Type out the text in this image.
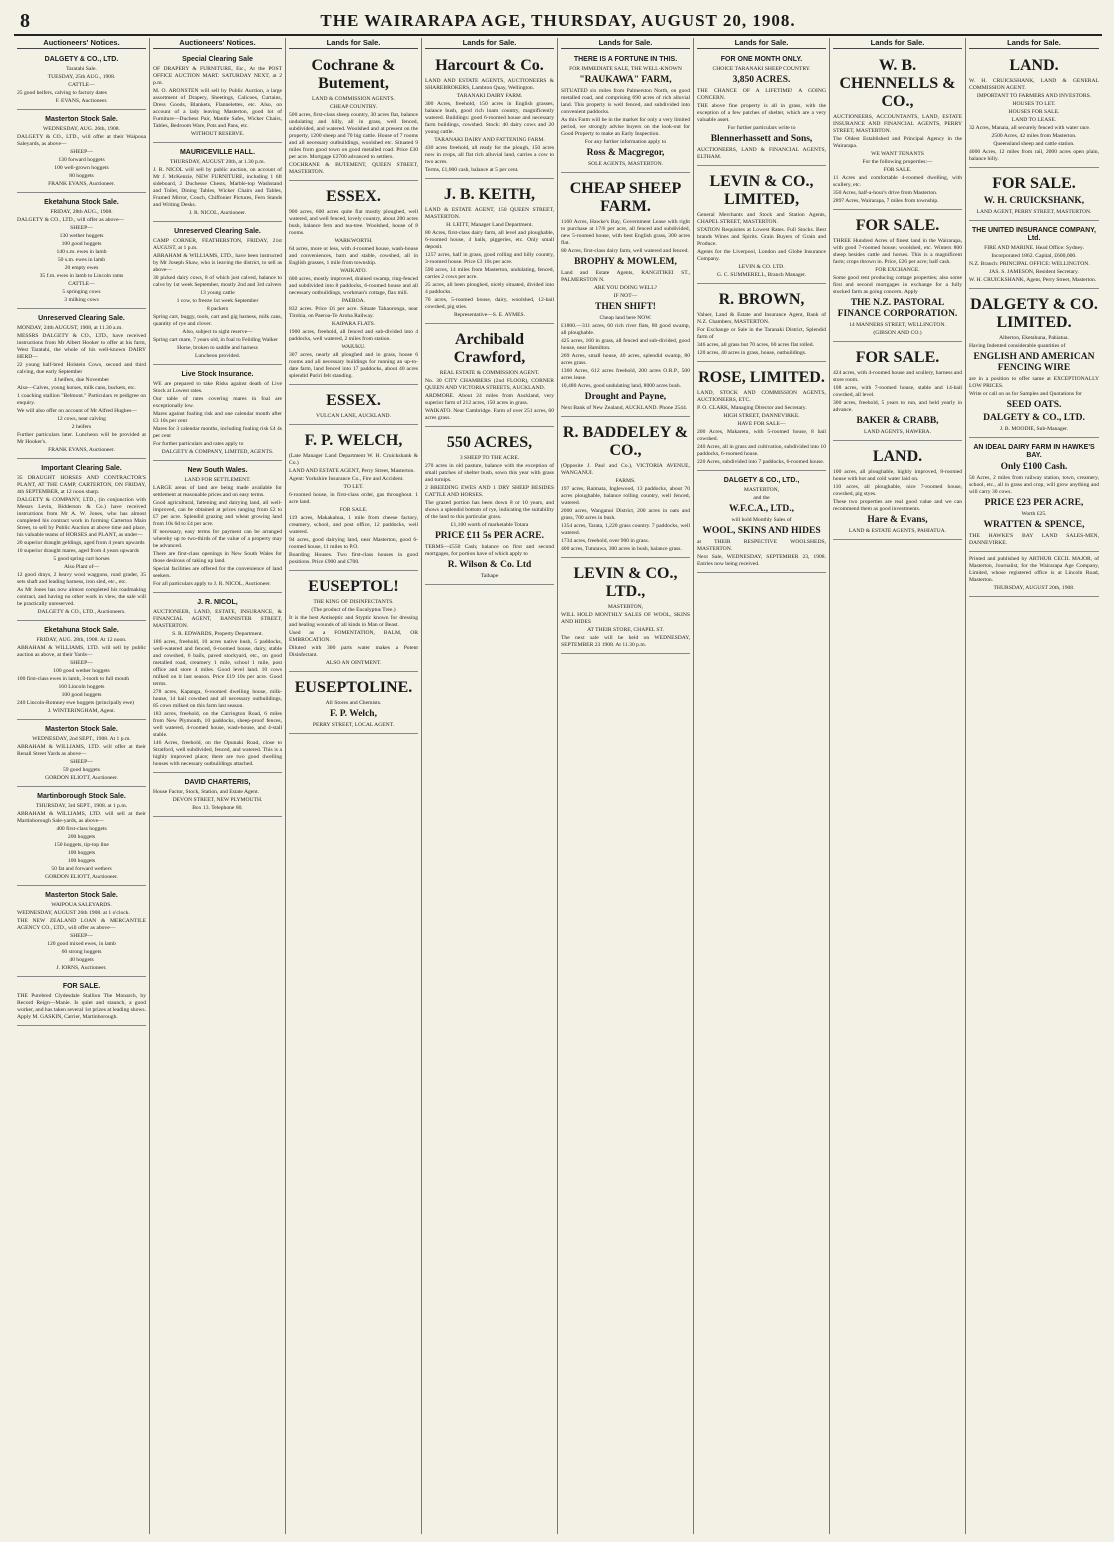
8	THE WAIRARAPA AGE, THURSDAY, AUGUST 20, 1908.
Auctioneers' Notices.
DALGETY & CO., LTD.

Taratahi Sale.

TUESDAY, 25th AUG., 1908.

CATTLE—

25 good heifers, calving to factory dates

F. EVANS, Auctioneer.

Masterton Stock Sale.

WEDNESDAY, AUG. 26th, 1908.

DALGETY & CO., LTD., will offer at their Waipoua Saleyards, as above—

SHEEP—

130 forward hoggets

100 well-grown hoggets

80 hoggets

FRANK EVANS, Auctioneer.

Eketahuna Stock Sale.

FRIDAY, 28th AUG., 1908.

DALGETY & CO., LTD., will offer as above—

SHEEP—

130 wether hoggets

100 good hoggets

140 s.m. ewes in lamb

50 s.m. ewes in lamb

20 empty ewes

35 f.m. ewes in lamb to Lincoln rams

CATTLE—

5 springing cows

3 milking cows

Unreserved Clearing Sale.

MONDAY, 24th AUGUST, 1908, at 11.30 a.m.

MESSRS DALGETY & CO., LTD., have received instructions from Mr Albert Hooker to offer at his farm, West Taratahi, the whole of his well-known DAIRY HERD—

22 young half-bred Holstein Cows, second and third calving, due early September

4 heifers, due November

Also—Calves, young horses, milk cans, buckets, etc.

1 coaching stallion "Belmont." Particulars re pedigree on enquiry.

We will also offer on account of Mr Alfred Hughes—

12 cows, near calving

2 heifers

Further particulars later. Luncheon will be provided at Mr Hooker's.

FRANK EVANS, Auctioneer.

Important Clearing Sale.

35 DRAUGHT HORSES AND CONTRACTOR'S PLANT, AT THE CAMP, CARTERTON, ON FRIDAY, 4th SEPTEMBER, at 12 noon sharp.

DALGETY & COMPANY, LTD., (in conjunction with Messrs Levin, Bidderson & Co.) have received instructions from Mr A. W. Jones, who has almost completed his contract work in forming Carterton Main Street, to sell by Public Auction at above time and place, his valuable teams of HORSES and PLANT, as under—

20 superior draught geldings, aged from 4 years upwards

10 superior draught mares, aged from 4 years upwards

5 good spring cart horses

Also Plant of—

12 good drays, 2 heavy wool waggons, road grader, 35 sets shaft and leading harness, iron sled, etc., etc.

As Mr Jones has now almost completed his roadmaking contract, and having no other work in view, the sale will be practically unreserved.

DALGETY & CO., LTD., Auctioneers.

Eketahuna Stock Sale.

FRIDAY, AUG. 28th, 1908. At 12 noon.

ABRAHAM & WILLIAMS, LTD. will sell by public auction as above, at their Yards—

SHEEP—

100 good wether hoggets

100 first-class ewes in lamb, 3-tooth to full mouth

160 Lincoln hoggets

100 good hoggets

240 Lincoln-Romney ewe hoggets (principally ewe)

J. WINTERINGHAM, Agent.

Masterton Stock Sale.

WEDNESDAY, 2nd SEPT., 1908. At 1 p.m.

ABRAHAM & WILLIAMS, LTD. will offer at their Renall Street Yards as above—

SHEEP—

59 good hoggets

GORDON ELIOTT, Auctioneer.

Martinborough Stock Sale.

THURSDAY, 3rd SEPT., 1908. at 1 p.m.

ABRAHAM & WILLIAMS, LTD. will sell at their Martinborough Sale-yards, as above—

400 first-class hoggets

200 hoggets

150 hoggets, tip-top line

100 hoggets

100 hoggets

50 fat and forward wethers

GORDON ELIOTT, Auctioneer.

Masterton Stock Sale.

WAIPOUA SALEYARDS.

WEDNESDAY, AUGUST 26th 1908. at 1 o'clock.

THE NEW ZEALAND LOAN & MERCANTILE AGENCY CO., LTD., will offer as above—

SHEEP—

120 good mixed ewes, in lamb

60 strong hoggets

40 hoggets

J. IORNS, Auctioneer.

FOR SALE.

THE Purebred Clydesdale Stallion The Monarch, by Record Reign—Manie. Is quiet and staunch, a good worker, and has taken several 1st prizes at leading shows. Apply M. GASKIN, Carrier, Martinborough.

Auctioneers' Notices.
Special Clearing Sale

OF DRAPERY & FURNITURE, Etc., At the POST OFFICE AUCTION MART. SATURDAY NEXT, at 2 p.m.

M. O. ARONSTEN will sell by Public Auction, a large assortment of Drapery, Sheetings, Calicoes, Curtains, Dress Goods, Blankets, Flannelettes, etc. Also, on account of a lady leaving Masterton, good lot of Furniture—Duchess Pair, Mantle Safes, Wicker Chairs, Tables, Bedroom Ware, Pots and Pans, etc.

WITHOUT RESERVE.

MAURICEVILLE HALL.

THURSDAY, AUGUST 20th, at 1.30 p.m.

J. R. NICOL will sell by public auction, on account of Mr J. McKenzie, NEW FURNITURE, including 1 6ft sideboard, 2 Duchesse Chests, Marble-top Washstand and Toilet, Dining Tables, Wicker Chairs and Tables, Framed Mirror, Couch, Chiffonier Pictures, Fern Stands and Writing Desks.

J. R. NICOL, Auctioneer.

Unreserved Clearing Sale.

CAMP CORNER, FEATHERSTON, FRIDAY, 21st AUGUST, at 1 p.m.

ABRAHAM & WILLIAMS, LTD., have been instructed by Mr Joseph Shaw, who is leaving the district, to sell as above—

30 picked dairy cows, 8 of which just calved, balance to calve by 1st week September, mostly 2nd and 3rd calvers

13 young cattle

1 cow, to freeze 1st week September

8 packers

Spring cart, buggy, tools, cart and gig harness, milk cans, quantity of rye and clover.

Also, subject to sight reserve—

Spring cart mare, 7 years old, in foal to Feilding Walker

Horse, broken to saddle and harness

Luncheon provided.

Live Stock Insurance.

WE are prepared to take Risks against death of Live Stock at Lowest rates.

Our table of rates covering mares in foal are exceptionally low.

Mares against foaling risk and one calendar month after £3 10s per cent

Mares for 3 calendar months, including foaling risk £4 4s per cent

For further particulars and rates apply to

DALGETY & COMPANY, LIMITED, AGENTS.

New South Wales.

LAND FOR SETTLEMENT.

LARGE areas of land are being made available for settlement at reasonable prices and on easy terms.

Good agricultural, fattening and dairying land, all well-improved, can be obtained at prices ranging from £2 to £7 per acre. Splendid grazing and wheat growing land from 10s 6d to £4 per acre.

If necessary, easy terms for payment can be arranged whereby up to two-thirds of the value of a property may be advanced.

There are first-class openings in New South Wales for those desirous of taking up land.

Special facilities are offered for the convenience of land seekers.

For all particulars apply to J. R. NICOL, Auctioneer.

J. R. NICOL,

AUCTIONEER, LAND, ESTATE, INSURANCE, & FINANCIAL AGENT, BANNISTER STREET, MASTERTON.

S. R. EDWARDS, Property Department.

186 acres, freehold, 10 acres native bush, 5 paddocks, well-watered and fenced, 6-roomed house, dairy, stable and cowshed, 6 bails, paved stockyard, etc., on good metalled road, creamery 1 mile, school 1 mile, post office and store 4 miles. Good level land. 10 cows milked on it last season. Price £19 10s per acre. Good terms.

278 acres, Kapanga, 6-roomed dwelling house, milk-house, 14 bail cowshed and all necessary outbuildings, 85 cows milked on this farm last season.

183 acres, freehold, on the Carrington Road, 6 miles from New Plymouth, 10 paddocks, sheep-proof fences, well watered, 4-roomed house, wash-house, and 4-stall stable.

146 Acres, freehold, on the Opunaki Road, close to Stratford, well subdivided, fenced, and watered. This is a highly improved place; there are two good dwelling houses with necessary outbuildings attached.

DAVID CHARTERIS,

House Factor, Stock, Station, and Estate Agent.

DEVON STREET, NEW PLYMOUTH.

Box 13. Telephone 80.

Lands for Sale.
Cochrane & Butement,

LAND & COMMISSION AGENTS.

CHEAP COUNTRY.

500 acres, first-class sheep country, 30 acres flat, balance undulating and hilly, all in grass, well fenced, subdivided, and watered. Woolshed and at present on the property, 1200 sheep and 70 big cattle. House of 7 rooms and all necessary outbuildings, woolshed etc. Situated 9 miles from good town on good metalled road. Price £30 per acre. Mortgage £2700 advanced to settlers.

COCHRANE & BUTEMENT, QUEEN STREET, MASTERTON.

ESSEX.

900 acres, 600 acres quite flat mostly ploughed, well watered, and well fenced, lovely country, about 200 acres bush, balance fern and tea-tree. Woolshed, house of 8 rooms.

WARKWORTH.

64 acres, more or less, with 4-roomed house, wash-house and conveniences, barn and stable, cowshed, all in English grasses, 1 mile from township.

WAIKATO.

600 acres, mostly improved, drained swamp, ring-fenced and subdivided into 8 paddocks, 6-roomed house and all necessary outbuildings, workman's cottage, flax mill.

PAEROA.

832 acres. Price £6 per acre. Situate Tahaoronga, near Tirohia, on Paeroa-Te Aroha Railway.

KAIPARA FLATS.

1900 acres, freehold, all fenced and sub-divided into 4 paddocks, well watered, 2 miles from station.

WAIUKU.

307 acres, nearly all ploughed and in grass, house 6 rooms and all necessary buildings for running an up-to-date farm, land fenced into 17 paddocks, about 40 acres splendid Puriri felt standing.

ESSEX.

VULCAN LANE, AUCKLAND.

F. P. WELCH,

(Late Manager Land Department W. H. Cruickshank & Co.)

LAND AND ESTATE AGENT, Perry Street, Masterton.

Agent: Yorkshire Insurance Co., Fire and Accident.

TO LET.

6-roomed house, in first-class order, gas throughout. 1 acre land.

FOR SALE.

119 acres, Makakahua, 1 mile from cheese factory, creamery, school, and post office, 12 paddocks, well watered.

94 acres, good dairying land, near Masterton, good 6-roomed house, 11 miles to P.O.

Boarding Houses. Two first-class houses in good positions. Price £900 and £700.

EUSEPTOL!

THE KING OF DISINFECTANTS.

(The product of the Eucalyptus Tree.)

It is the best Antiseptic and Styptic known for dressing and healing wounds of all kinds in Man or Beast.

Used as a FOMENTATION, BALM, OR EMBROCATION.

Diluted with 300 parts water makes a Potent Disinfectant.

ALSO AN OINTMENT.

EUSEPTOLINE.

All Stores and Chemists.

F. P. Welch,

PERRY STREET, LOCAL AGENT.

Lands for Sale.
Harcourt & Co.

LAND AND ESTATE AGENTS, AUCTIONEERS & SHAREBROKERS, Lambton Quay, Wellington.

TARANAKI DAIRY FARM.

300 Acres, freehold, 150 acres in English grasses, balance bush, good rich loam country, magnificently watered. Buildings: good 6-roomed house and necessary farm buildings, cowshed. Stock: 40 dairy cows and 20 young cattle.

TARANAKI DAIRY AND FATTENING FARM.

430 acres freehold, all ready for the plough, 150 acres now in crops, all flat rich alluvial land, carries a cow to two acres.

Terms, £1,000 cash, balance at 5 per cent.

J. B. KEITH,

LAND & ESTATE AGENT, 150 QUEEN STREET, MASTERTON.

H. LEITT, Manager Land Department.

80 Acres, first-class dairy farm, all level and ploughable, 6-roomed house, 4 bails, piggeries, etc. Only small deposit.

1257 acres, half in grass, good rolling and hilly country, 3-roomed house. Price £3 10s per acre.

590 acres, 14 miles from Masterton, undulating, fenced, carries 2 cows per acre.

25 acres, all been ploughed, nicely situated, divided into 4 paddocks.

70 acres, 5-roomed house, dairy, woolshed, 12-bail cowshed, pig sties.

Representative—S. E. AYMES.

Archibald Crawford,

REAL ESTATE & COMMISSION AGENT.

No. 30 CITY CHAMBERS (2nd FLOOR), CORNER QUEEN AND VICTORIA STREETS, AUCKLAND.

ARDMORE. About 24 miles from Auckland, very superior farm of 212 acres, 150 acres in grass.

WAIKATO. Near Cambridge. Farm of over 251 acres, 60 acres grass.

550 ACRES,

3 SHEEP TO THE ACRE.

270 acres in old pasture, balance with the exception of small patches of shelter bush, sown this year with grass and turnips.

2 BREEDING EWES AND 1 DRY SHEEP BESIDES CATTLE AND HORSES.

The grazed portion has been down 8 or 10 years, and shows a splendid bottom of rye, indicating the suitability of the land to this particular grass.

£1,100 worth of marketable Totara

PRICE £11 5s PER ACRE.

TERMS—£550 Cash; balance on first and second mortgages, for portion have of which apply to

R. Wilson & Co. Ltd

Taihape

Lands for Sale.
THERE IS A FORTUNE IN THIS.

FOR IMMEDIATE SALE, THE WELL-KNOWN

"RAUKAWA" FARM,

SITUATED six miles from Palmerston North, on good metalled road, and comprising 690 acres of rich alluvial land. This property is well fenced, and subdivided into convenient paddocks.

As this Farm will be in the market for only a very limited period, we strongly advise buyers on the look-out for Good Property to make an Early Inspection.

For any further information apply to

Ross & Macgregor,

SOLE AGENTS, MASTERTON.

CHEAP SHEEP FARM.

1160 Acres, Hawke's Bay, Government Lease with right to purchase at 17/6 per acre, all fenced and subdivided, new 5-roomed house, with best English grass, 300 acres flat.

80 Acres, first-class dairy farm, well watered and fenced.

BROPHY & MOWLEM,

Land and Estate Agents, RANGITIKEI ST., PALMERSTON N.

ARE YOU DOING WELL?

IF NOT—

THEN SHIFT!

Cheap land here NOW.

£1800.—311 acres, 60 rich river flats, 80 good swamp, all ploughable.

425 acres, 160 in grass, all fenced and sub-divided, good house, near Hamilton.

269 Acres, small house, 40 acres, splendid swamp, 80 acres grass.

1360 Acres, 612 acres freehold, 200 acres O.R.P., 500 acres lease.

10,480 Acres, good undulating land, 8000 acres bush.

Drought and Payne,

Next Bank of New Zealand, AUCKLAND. Phone 2544.

R. BADDELEY & CO.,

(Opposite J. Paul and Co.), VICTORIA AVENUE, WANGANUI.

FARMS.

197 acres, Raimata, Inglewood, 13 paddocks, about 70 acres ploughable, balance rolling country, well fenced, watered.

2000 acres, Wanganui District, 200 acres in oats and grass, 700 acres in bush.

1354 acres, Tarata, 1,220 grass country. 7 paddocks, well watered.

1734 acres, freehold, over 900 in grass.

400 acres, Tututawa, 300 acres in bush, balance grass.

LEVIN & CO., LTD.,

MASTERTON,

WILL HOLD MONTHLY SALES OF WOOL, SKINS AND HIDES

AT THEIR STORE, CHAPEL ST.

The next sale will be held on WEDNESDAY, SEPTEMBER 23 1908. At 11.30 p.m.

Lands for Sale.
FOR ONE MONTH ONLY.

CHOICE TARANAKI SHEEP COUNTRY.

3,850 ACRES.

THE CHANCE OF A LIFETIME! A GOING CONCERN.

THE above fine property is all in grass, with the exception of a few patches of shelter, which are a very valuable asset.

For further particulars write to

Blennerhassett and Sons,

AUCTIONEERS, LAND & FINANCIAL AGENTS, ELTHAM.

LEVIN & CO., LIMITED,

General Merchants and Stock and Station Agents, CHAPEL STREET, MASTERTON.

STATION Requisites at Lowest Rates. Full Stocks. Best brands Wines and Spirits. Grain Buyers of Grain and Produce.

Agents for the Liverpool, London and Globe Insurance Company.

LEVIN & CO. LTD.

G. C. SUMMERELL, Branch Manager.

R. BROWN,

Valuer, Land & Estate and Insurance Agent, Bank of N.Z. Chambers, MASTERTON.

For Exchange or Sale in the Taranaki District, Splendid farm of

346 acres, all grass but 70 acres, 60 acres flat rolled.

120 acres, 40 acres in grass, house, outbuildings.

ROSE, LIMITED.

LAND, STOCK AND COMMISSION AGENTS, AUCTIONEERS, ETC.

P. O. CLARK, Managing Director and Secretary.

HIGH STREET, DANNEVIRKE.

HAVE FOR SALE—

200 Acres, Makaretu, with 5-roomed house, 8 bail cowshed.

240 Acres, all in grass and cultivation, subdivided into 10 paddocks, 6-roomed house.

220 Acres, subdivided into 7 paddocks, 6-roomed house.

DALGETY & CO., LTD.,

MASTERTON,

and the

W.F.C.A., LTD.,

will hold Monthly Sales of

WOOL, SKINS AND HIDES

at THEIR RESPECTIVE WOOLSHEDS, MASTERTON.

Next Sale, WEDNESDAY, SEPTEMBER 23, 1908. Entries now being received.

Lands for Sale.
W. B. CHENNELLS & CO.,

AUCTIONEERS, ACCOUNTANTS, LAND, ESTATE INSURANCE AND FINANCIAL AGENTS, PERRY STREET, MASTERTON.

The Oldest Established and Principal Agency in the Wairarapa.

WE WANT TENANTS

For the following properties:—

FOR SALE.

11 Acres and comfortable 4-roomed dwelling, with scullery, etc.

350 Acres, half-a-hour's drive from Masterton.

2897 Acres, Wairarapa, 7 miles from township.

FOR SALE.

THREE Hundred Acres of finest land in the Wairarapa, with good 7-roomed house; woolshed, etc. Winters 800 sheep besides cattle and horses. This is a magnificent farm; crops thrown in. Price, £26 per acre; half cash.

FOR EXCHANGE.

Some good rent producing cottage properties; also some first and second mortgages in exchange for a fully stocked farm as going concern. Apply

THE N.Z. PASTORAL FINANCE CORPORATION.

14 MANNERS STREET, WELLINGTON.

(GIBSON AND CO.)

FOR SALE.

424 acres, with 4-roomed house and scullery, harness and store room.

108 acres, with 7-roomed house, stable and 14-bail cowshed, all level.

300 acres, freehold, 5 years to run, and held yearly in advance.

BAKER & CRABB,

LAND AGENTS, HAWERA.

LAND.

100 acres, all ploughable, highly improved, 8-roomed house with hot and cold water laid on.

110 acres, all ploughable, nice 7-roomed house, cowshed, pig styes.

These two properties are real good value and we can recommend them as good investments.

Hare & Evans,

LAND & ESTATE AGENTS, PAHIATUA.

Lands for Sale.
LAND.

W. H. CRUICKSHANK, LAND & GENERAL COMMISSION AGENT.

IMPORTANT TO FARMERS AND INVESTORS.

HOUSES TO LET.

HOUSES FOR SALE.

LAND TO LEASE.

32 Acres, Manaia, all securely fenced with water race.

2500 Acres, 42 miles from Masterton.

Queensland sheep and cattle station.

4000 Acres, 12 miles from rail, 2000 acres open plain, balance hilly.

FOR SALE.

W. H. CRUICKSHANK,

LAND AGENT, PERRY STREET, MASTERTON.

THE UNITED INSURANCE COMPANY, Ltd.

FIRE AND MARINE. Head Office: Sydney.

Incorporated 1862. Capital, £600,000.

N.Z. Branch: PRINCIPAL OFFICE: WELLINGTON.

JAS. S. JAMESON, Resident Secretary.

W. H. CRUICKSHANK, Agent, Perry Street, Masterton.

DALGETY & CO. LIMITED.

Alberton, Eketahuna, Pahiatua.

Having Indented considerable quantities of

ENGLISH AND AMERICAN FENCING WIRE

are in a position to offer same at EXCEPTIONALLY LOW PRICES.

Write or call on us for Samples and Quotations for

SEED OATS.

DALGETY & CO., LTD.

J. B. MOODIE, Sub-Manager.

AN IDEAL DAIRY FARM IN HAWKE'S BAY.

Only £100 Cash.

50 Acres, 2 miles from railway station, town, creamery, school, etc., all in grass and crop, will grow anything and will carry 30 cows.

PRICE £23 PER ACRE,

Worth £25.

WRATTEN & SPENCE,

THE HAWKE'S BAY LAND SALES-MEN, DANNEVIRKE.

Printed and published by ARTHUR CECIL MAJOR, of Masterton, Journalist, for the Wairarapa Age Company, Limited, whose registered office is at Lincoln Road, Masterton.

THURSDAY, AUGUST 20th, 1908.
